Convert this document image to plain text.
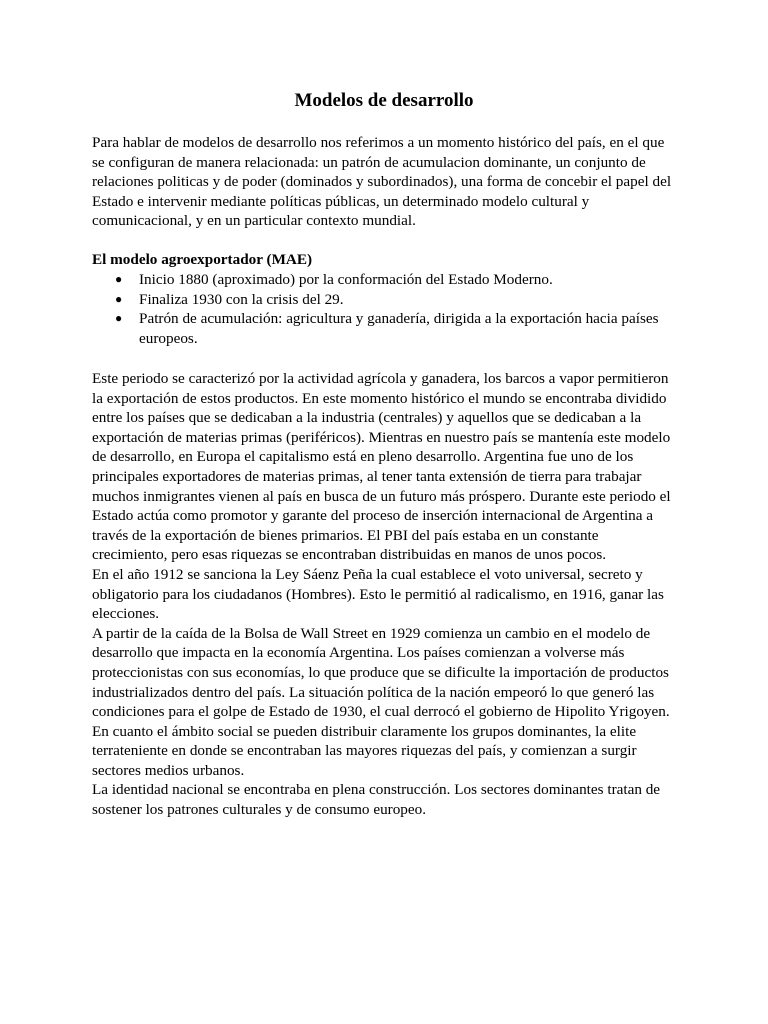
Modelos de desarrollo

Para hablar de modelos de desarrollo nos referimos a un momento histórico del país, en el que se configuran de manera relacionada: un patrón de acumulacion dominante, un conjunto de relaciones politicas y de poder (dominados y subordinados), una forma de concebir el papel del Estado e intervenir mediante políticas públicas, un determinado modelo cultural y comunicacional, y en un particular contexto mundial.

El modelo agroexportador (MAE)

● Inicio 1880 (aproximado) por la conformación del Estado Moderno.
● Finaliza 1930 con la crisis del 29.
● Patrón de acumulación: agricultura y ganadería, dirigida a la exportación hacia países europeos.

Este periodo se caracterizó por la actividad agrícola y ganadera, los barcos a vapor permitieron la exportación de estos productos. En este momento histórico el mundo se encontraba dividido entre los países que se dedicaban a la industria (centrales) y aquellos que se dedicaban a la exportación de materias primas (periféricos). Mientras en nuestro país se mantenía este modelo de desarrollo, en Europa el capitalismo está en pleno desarrollo. Argentina fue uno de los principales exportadores de materias primas, al tener tanta extensión de tierra para trabajar muchos inmigrantes vienen al país en busca de un futuro más próspero. Durante este periodo el Estado actúa como promotor y garante del proceso de inserción internacional de Argentina a través de la exportación de bienes primarios. El PBI del país estaba en un constante crecimiento, pero esas riquezas se encontraban distribuidas en manos de unos pocos.

En el año 1912 se sanciona la Ley Sáenz Peña la cual establece el voto universal, secreto y obligatorio para los ciudadanos (Hombres). Esto le permitió al radicalismo, en 1916, ganar las elecciones.

A partir de la caída de la Bolsa de Wall Street en 1929 comienza un cambio en el modelo de desarrollo que impacta en la economía Argentina. Los países comienzan a volverse más proteccionistas con sus economías, lo que produce que se dificulte la importación de productos industrializados dentro del país. La situación política de la nación empeoró lo que generó las condiciones para el golpe de Estado de 1930, el cual derrocó el gobierno de Hipolito Yrigoyen.

En cuanto el ámbito social se pueden distribuir claramente los grupos dominantes, la elite terrateniente en donde se encontraban las mayores riquezas del país, y comienzan a surgir sectores medios urbanos.

La identidad nacional se encontraba en plena construcción. Los sectores dominantes tratan de sostener los patrones culturales y de consumo europeo.
